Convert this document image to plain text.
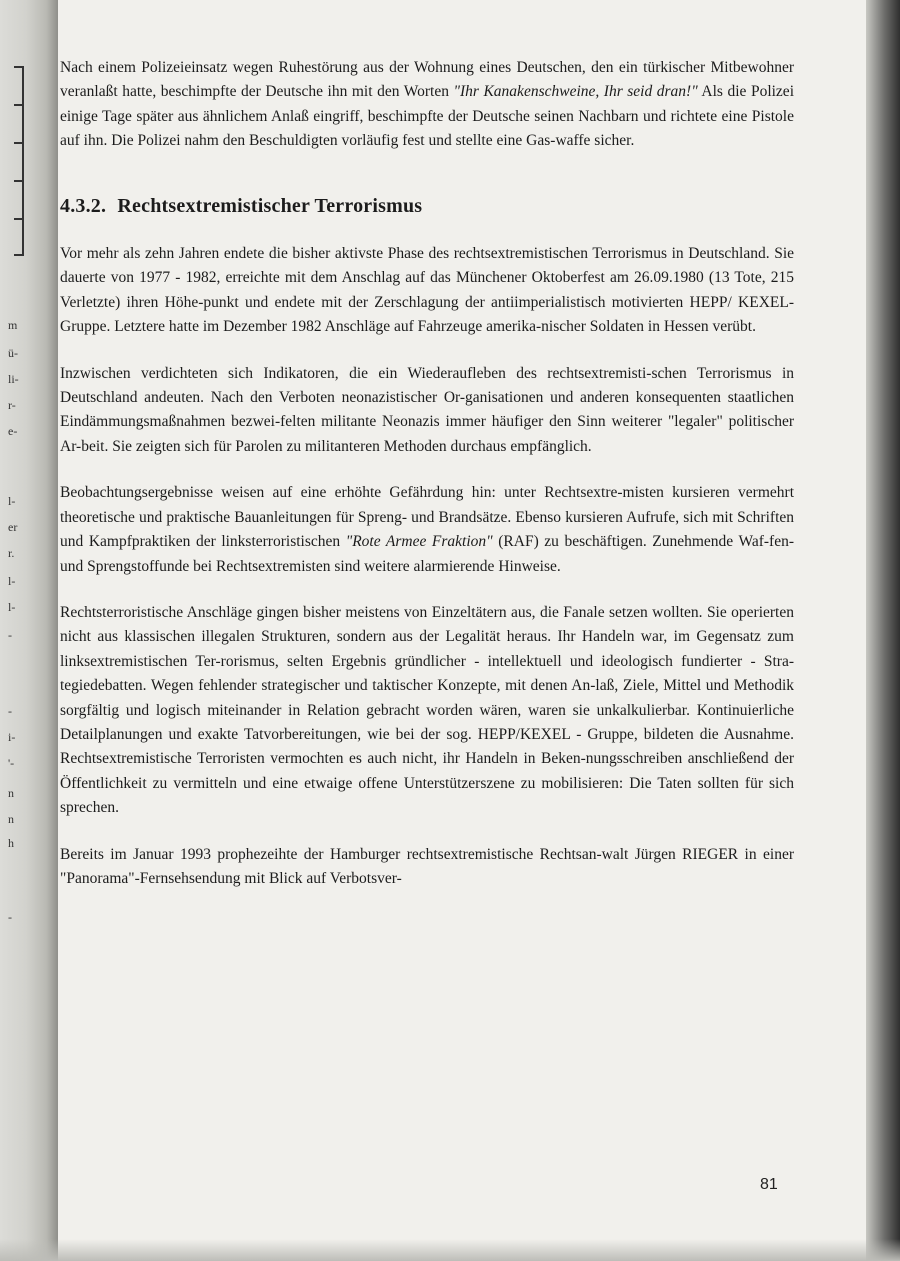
m
ü-
li-
r-
e-
l-
er
r.
l-
l-
-
-
i-
'-
n
n
h
-

Nach einem Polizeieinsatz wegen Ruhestörung aus der Wohnung eines Deutschen, den ein türkischer Mitbewohner veranlaßt hatte, beschimpfte der Deutsche ihn mit den Worten "Ihr Kanakenschweine, Ihr seid dran!" Als die Polizei einige Tage später aus ähnlichem Anlaß eingriff, beschimpfte der Deutsche seinen Nachbarn und richtete eine Pistole auf ihn. Die Polizei nahm den Beschuldigten vorläufig fest und stellte eine Gas-waffe sicher.

4.3.2. Rechtsextremistischer Terrorismus

Vor mehr als zehn Jahren endete die bisher aktivste Phase des rechtsextremistischen Terrorismus in Deutschland. Sie dauerte von 1977 - 1982, erreichte mit dem Anschlag auf das Münchener Oktoberfest am 26.09.1980 (13 Tote, 215 Verletzte) ihren Höhe-punkt und endete mit der Zerschlagung der antiimperialistisch motivierten HEPP/ KEXEL-Gruppe. Letztere hatte im Dezember 1982 Anschläge auf Fahrzeuge amerika-nischer Soldaten in Hessen verübt.

Inzwischen verdichteten sich Indikatoren, die ein Wiederaufleben des rechtsextremisti-schen Terrorismus in Deutschland andeuten. Nach den Verboten neonazistischer Or-ganisationen und anderen konsequenten staatlichen Eindämmungsmaßnahmen bezwei-felten militante Neonazis immer häufiger den Sinn weiterer "legaler" politischer Ar-beit. Sie zeigten sich für Parolen zu militanteren Methoden durchaus empfänglich.

Beobachtungsergebnisse weisen auf eine erhöhte Gefährdung hin: unter Rechtsextre-misten kursieren vermehrt theoretische und praktische Bauanleitungen für Spreng- und Brandsätze. Ebenso kursieren Aufrufe, sich mit Schriften und Kampfpraktiken der linksterroristischen "Rote Armee Fraktion" (RAF) zu beschäftigen. Zunehmende Waf-fen- und Sprengstoffunde bei Rechtsextremisten sind weitere alarmierende Hinweise.

Rechtsterroristische Anschläge gingen bisher meistens von Einzeltätern aus, die Fanale setzen wollten. Sie operierten nicht aus klassischen illegalen Strukturen, sondern aus der Legalität heraus. Ihr Handeln war, im Gegensatz zum linksextremistischen Ter-rorismus, selten Ergebnis gründlicher - intellektuell und ideologisch fundierter - Stra-tegiedebatten. Wegen fehlender strategischer und taktischer Konzepte, mit denen An-laß, Ziele, Mittel und Methodik sorgfältig und logisch miteinander in Relation gebracht worden wären, waren sie unkalkulierbar. Kontinuierliche Detailplanungen und exakte Tatvorbereitungen, wie bei der sog. HEPP/KEXEL - Gruppe, bildeten die Ausnahme. Rechtsextremistische Terroristen vermochten es auch nicht, ihr Handeln in Beken-nungsschreiben anschließend der Öffentlichkeit zu vermitteln und eine etwaige offene Unterstützerszene zu mobilisieren: Die Taten sollten für sich sprechen.

Bereits im Januar 1993 prophezeihte der Hamburger rechtsextremistische Rechtsan-walt Jürgen RIEGER in einer "Panorama"-Fernsehsendung mit Blick auf Verbotsver-

81
